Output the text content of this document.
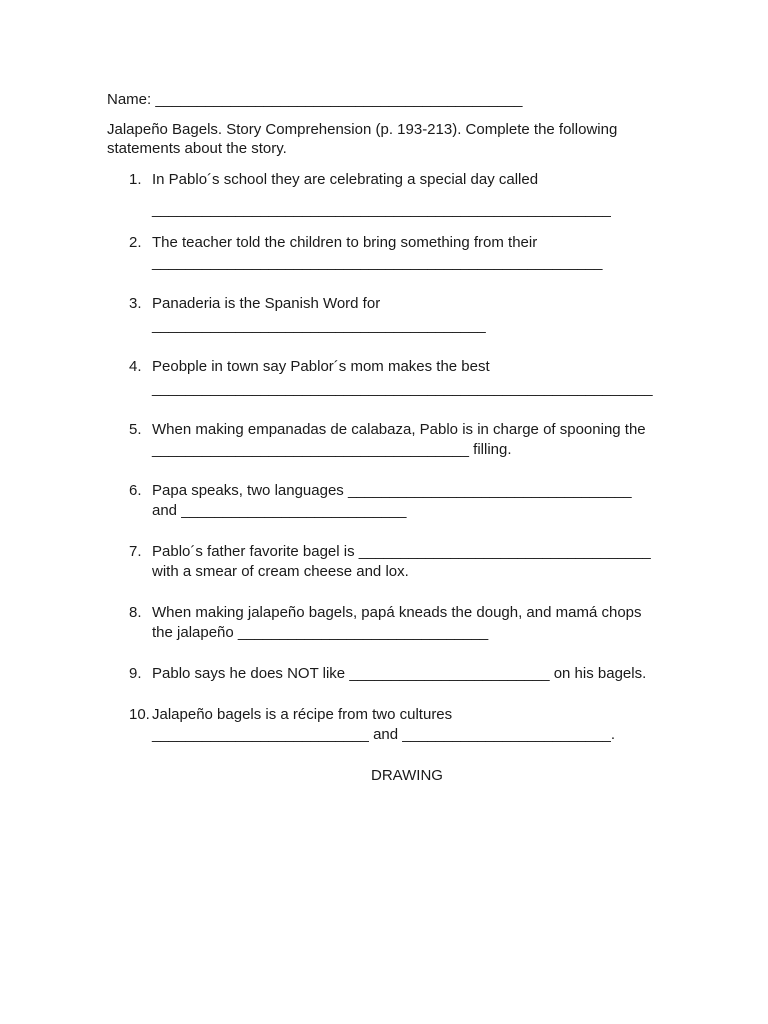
Name: ____________________________________________
Jalapeño Bagels. Story Comprehension (p. 193-213). Complete the following statements about the story.
1. In Pablo´s school they are celebrating a special day called
_______________________________________________________
2. The teacher told the children to bring something from their
______________________________________________________
3. Panaderia is the Spanish Word for
________________________________________
4. Peobple in town say Pablor´s mom makes the best
____________________________________________________________
5. When making empanadas de calabaza, Pablo is in charge of spooning the
______________________________________ filling.
6. Papa speaks, two languages __________________________________
and ___________________________
7. Pablo´s father favorite bagel is ___________________________________
with a smear of cream cheese and lox.
8. When making jalapeño bagels, papá kneads the dough, and mamá chops
the jalapeño ______________________________
9. Pablo says he does NOT like ________________________ on his bagels.
10. Jalapeño bagels is a récipe from two cultures
__________________________ and _________________________.
DRAWING
